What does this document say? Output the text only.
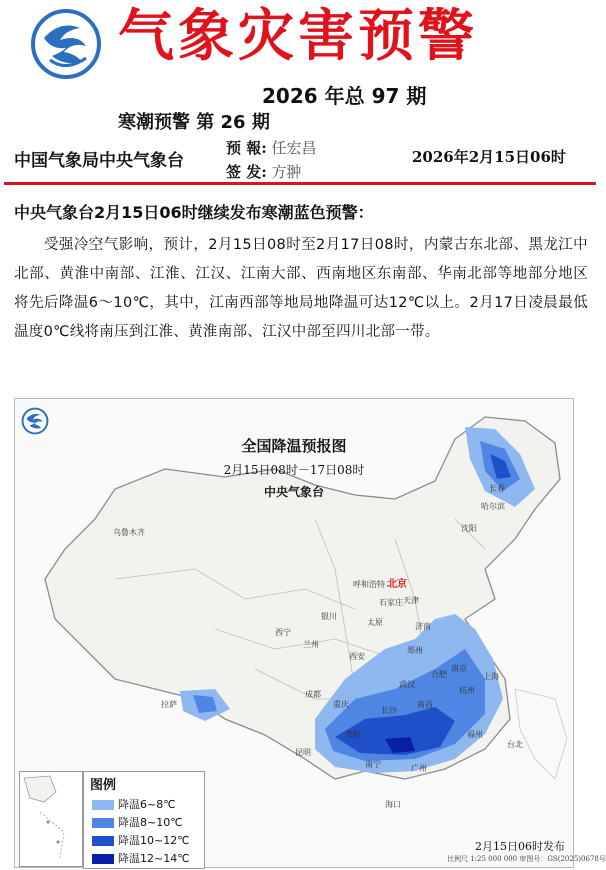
气象灾害预警
2026 年总 97 期
寒潮预警 第 26 期
中国气象局中央气象台
预 報: 任宏昌
签 发: 方翀
2026年2月15日06时
中央气象台2月15日06时继续发布寒潮蓝色预警：
受强冷空气影响，预计，2月15日08时至2月17日08时，内蒙古东北部、黑龙江中北部、黄淮中南部、江淮、江汉、江南大部、西南地区东南部、华南北部等地部分地区将先后降温6～10℃，其中，江南西部等地局地降温可达12℃以上。2月17日凌晨最低温度0℃线将南压到江淮、黄淮南部、江汉中部至四川北部一带。
全国降温预报图
2月15日08时－17日08时
中央气象台
北京
乌鲁木齐
哈尔滨
拉萨
西宁
兰州
银川
呼和浩特
太原
郑州
武汉
长沙
南昌
杭州
南京
合肥
成都
重庆
贵阳
昆明
南宁	广州
福州
天津
沈阳
长春
济南
石家庄
西安
上海
台北
海口
图例
降温6~8℃
降温8~10℃
降温10~12℃
降温12~14℃
2月15日06时发布
比例尺 1:25 000 000 审图号：GS(2025)0678号
